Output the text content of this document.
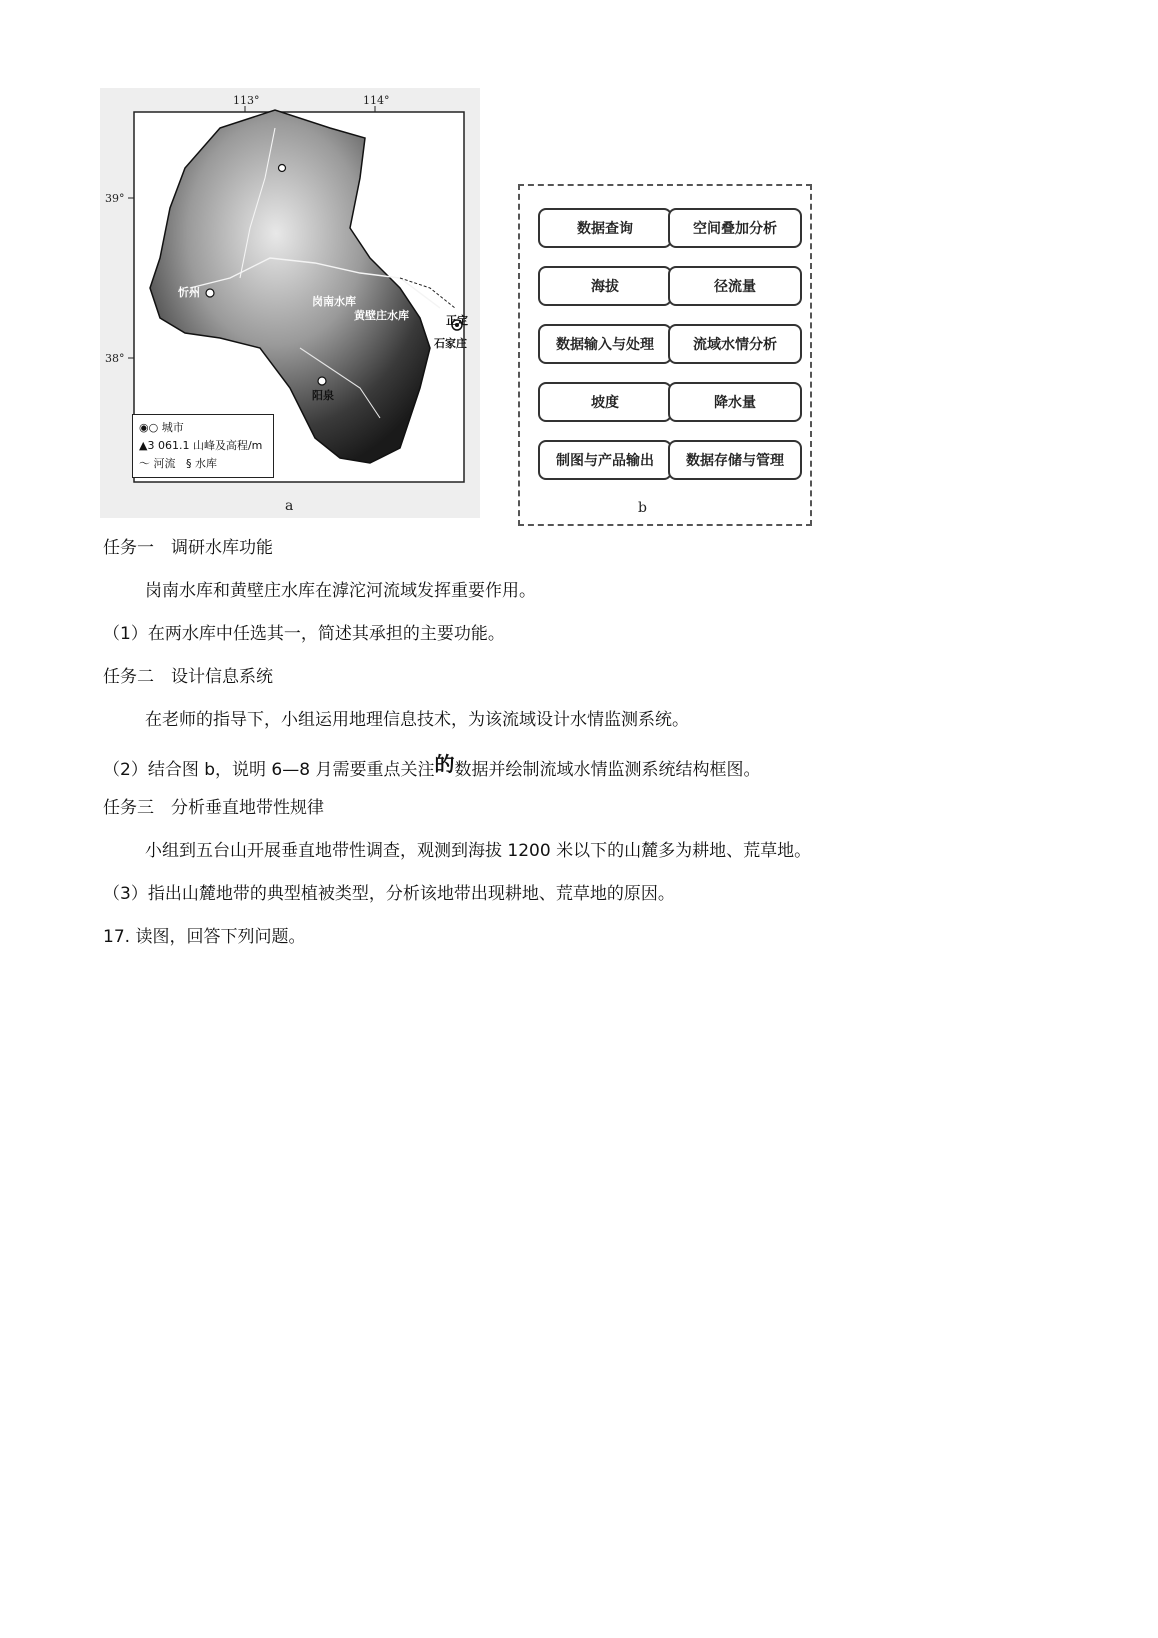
113°	114°
39°
38°
忻州
阳泉
正定
石家庄
岗南水库
黄壁庄水库
◉○ 城市
▲3 061.1 山峰及高程/m
〜 河流   § 水库
a
数据查询	空间叠加分析
海拔	径流量
数据输入与处理	流域水情分析
坡度	降水量
制图与产品输出	数据存储与管理
b
任务一　调研水库功能
岗南水库和黄壁庄水库在滹沱河流域发挥重要作用。
（1）在两水库中任选其一，简述其承担的主要功能。
任务二　设计信息系统
在老师的指导下，小组运用地理信息技术，为该流域设计水情监测系统。
（2）结合图 b，说明 6—8 月需要重点关注的数据并绘制流域水情监测系统结构框图。
任务三　分析垂直地带性规律
小组到五台山开展垂直地带性调查，观测到海拔 1200 米以下的山麓多为耕地、荒草地。
（3）指出山麓地带的典型植被类型，分析该地带出现耕地、荒草地的原因。
17. 读图，回答下列问题。
